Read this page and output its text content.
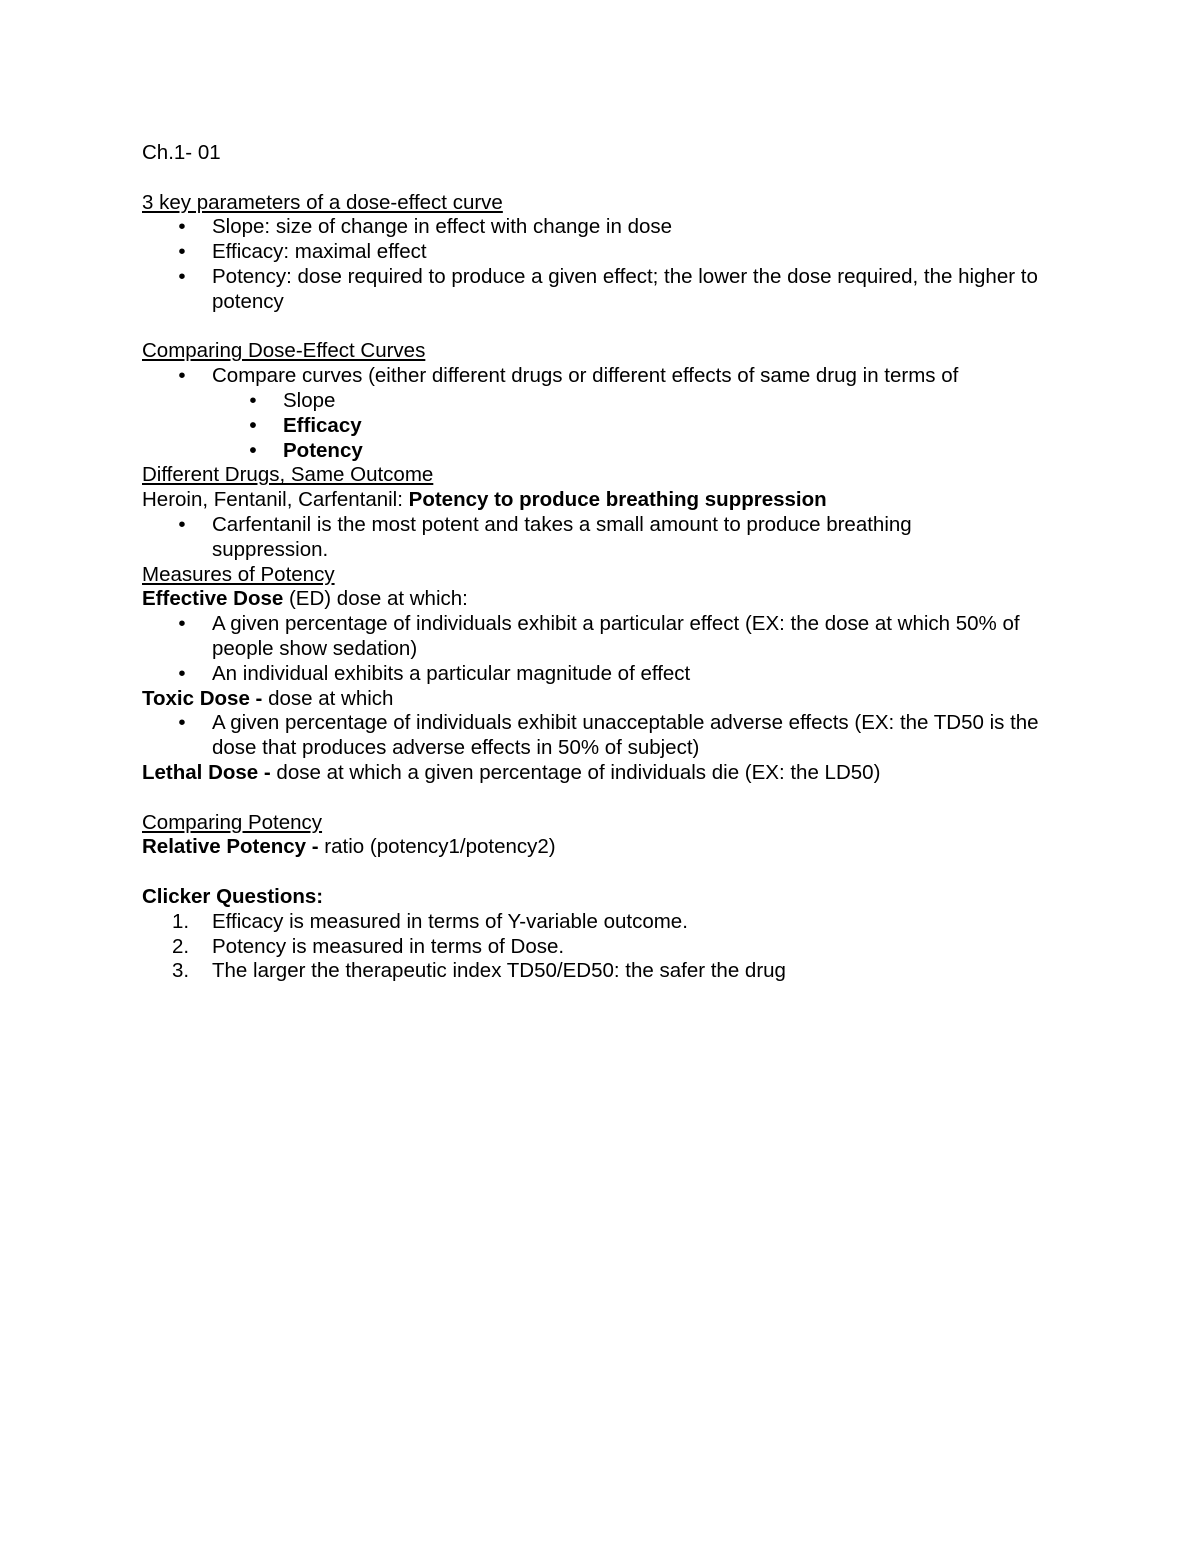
Ch.1- 01
3 key parameters of a dose-effect curve
•	Slope: size of change in effect with change in dose
•	Efficacy: maximal effect
•	Potency: dose required to produce a given effect; the lower the dose required, the higher to potency
Comparing Dose-Effect Curves
•	Compare curves (either different drugs or different effects of same drug in terms of
•	Slope
•	Efficacy
•	Potency
Different Drugs, Same Outcome
Heroin, Fentanil, Carfentanil: Potency to produce breathing suppression
•	Carfentanil is the most potent and takes a small amount to produce breathing suppression.
Measures of Potency
Effective Dose (ED) dose at which:
•	A given percentage of individuals exhibit a particular effect (EX: the dose at which 50% of people show sedation)
•	An individual exhibits a particular magnitude of effect
Toxic Dose - dose at which
•	A given percentage of individuals exhibit unacceptable adverse effects (EX: the TD50 is the dose that produces adverse effects in 50% of subject)
Lethal Dose - dose at which a given percentage of individuals die (EX: the LD50)
Comparing Potency
Relative Potency - ratio (potency1/potency2)
Clicker Questions:
1. Efficacy is measured in terms of Y-variable outcome.
2. Potency is measured in terms of Dose.
3. The larger the therapeutic index TD50/ED50: the safer the drug
